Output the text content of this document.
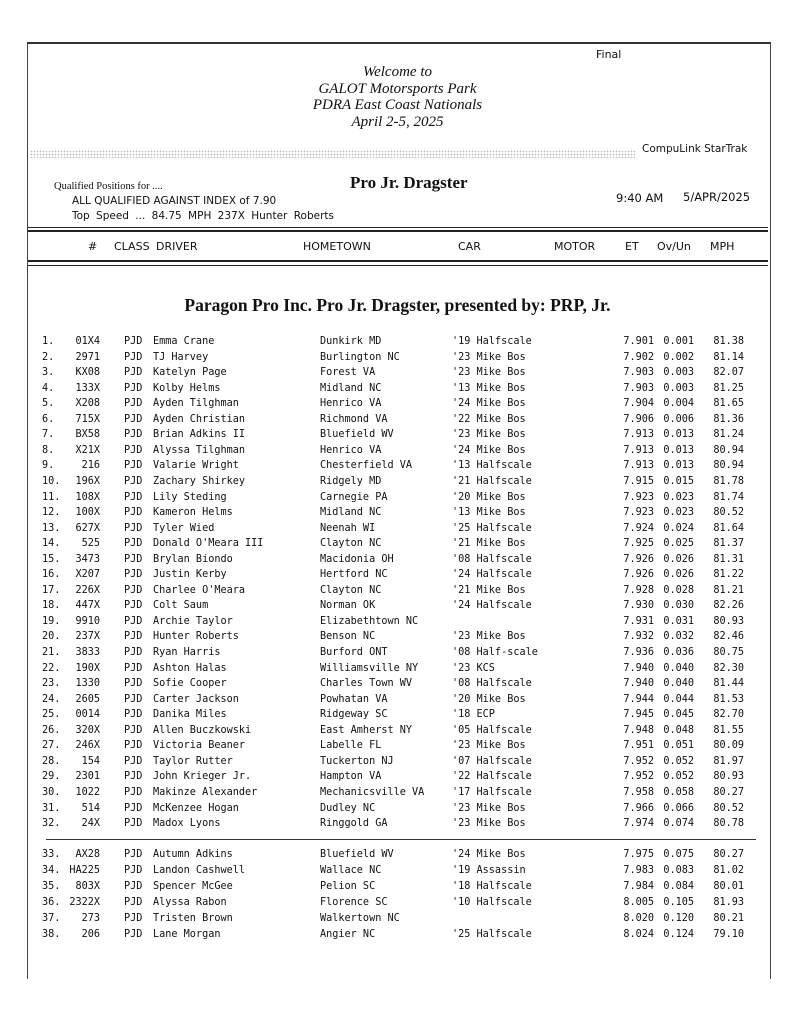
Final
Welcome to
GALOT Motorsports Park
PDRA East Coast Nationals
April 2-5, 2025
CompuLink StarTrak
Qualified Positions for ....	Pro Jr. Dragster
9:40 AM 5/APR/2025
ALL QUALIFIED AGAINST INDEX of 7.90
Top Speed ... 84.75 MPH 237X Hunter Roberts
# CLASS DRIVER	HOMETOWN	CAR	MOTOR	ET Ov/Un MPH
Paragon Pro Inc. Pro Jr. Dragster, presented by: PRP, Jr.
1.	01X4 PJD Emma Crane	Dunkirk MD	'19 Halfscale	7.901 0.001	81.38
2.	2971 PJD TJ Harvey	Burlington NC	'23 Mike Bos	7.902 0.002	81.14
3.	KX08 PJD Katelyn Page	Forest VA	'23 Mike Bos	7.903 0.003	82.07
4.	133X PJD Kolby Helms	Midland NC	'13 Mike Bos	7.903 0.003	81.25
5.	X208 PJD Ayden Tilghman	Henrico VA	'24 Mike Bos	7.904 0.004	81.65
6.	715X PJD Ayden Christian	Richmond VA	'22 Mike Bos	7.906 0.006	81.36
7.	BX58 PJD Brian Adkins II	Bluefield WV	'23 Mike Bos	7.913 0.013	81.24
8.	X21X PJD Alyssa Tilghman	Henrico VA	'24 Mike Bos	7.913 0.013	80.94
9.	216 PJD Valarie Wright	Chesterfield VA	'13 Halfscale	7.913 0.013	80.94
10.	196X PJD Zachary Shirkey	Ridgely MD	'21 Halfscale	7.915 0.015	81.78
11.	108X PJD Lily Steding	Carnegie PA	'20 Mike Bos	7.923 0.023	81.74
12.	100X PJD Kameron Helms	Midland NC	'13 Mike Bos	7.923 0.023	80.52
13.	627X PJD Tyler Wied	Neenah WI	'25 Halfscale	7.924 0.024	81.64
14.	525 PJD Donald O'Meara III	Clayton NC	'21 Mike Bos	7.925 0.025	81.37
15.	3473 PJD Brylan Biondo	Macidonia OH	'08 Halfscale	7.926 0.026	81.31
16.	X207 PJD Justin Kerby	Hertford NC	'24 Halfscale	7.926 0.026	81.22
17.	226X PJD Charlee O'Meara	Clayton NC	'21 Mike Bos	7.928 0.028	81.21
18.	447X PJD Colt Saum	Norman OK	'24 Halfscale	7.930 0.030	82.26
19.	9910 PJD Archie Taylor	Elizabethtown NC	7.931 0.031	80.93
20.	237X PJD Hunter Roberts	Benson NC	'23 Mike Bos	7.932 0.032	82.46
21.	3833 PJD Ryan Harris	Burford ONT	'08 Half-scale	7.936 0.036	80.75
22.	190X PJD Ashton Halas	Williamsville NY	'23 KCS	7.940 0.040	82.30
23.	1330 PJD Sofie Cooper	Charles Town WV	'08 Halfscale	7.940 0.040	81.44
24.	2605 PJD Carter Jackson	Powhatan VA	'20 Mike Bos	7.944 0.044	81.53
25.	0014 PJD Danika Miles	Ridgeway SC	'18 ECP	7.945 0.045	82.70
26.	320X PJD Allen Buczkowski	East Amherst NY	'05 Halfscale	7.948 0.048	81.55
27.	246X PJD Victoria Beaner	Labelle FL	'23 Mike Bos	7.951 0.051	80.09
28.	154 PJD Taylor Rutter	Tuckerton NJ	'07 Halfscale	7.952 0.052	81.97
29.	2301 PJD John Krieger Jr.	Hampton VA	'22 Halfscale	7.952 0.052	80.93
30.	1022 PJD Makinze Alexander	Mechanicsville VA	'17 Halfscale	7.958 0.058	80.27
31.	514 PJD McKenzee Hogan	Dudley NC	'23 Mike Bos	7.966 0.066	80.52
32.	24X PJD Madox Lyons	Ringgold GA	'23 Mike Bos	7.974 0.074	80.78
33.	AX28 PJD Autumn Adkins	Bluefield WV	'24 Mike Bos	7.975 0.075	80.27
34. HA225 PJD Landon Cashwell	Wallace NC	'19 Assassin	7.983 0.083	81.02
35.	803X PJD Spencer McGee	Pelion SC	'18 Halfscale	7.984 0.084	80.01
36. 2322X PJD Alyssa Rabon	Florence SC	'10 Halfscale	8.005 0.105	81.93
37.	273 PJD Tristen Brown	Walkertown NC	8.020 0.120	80.21
38.	206 PJD Lane Morgan	Angier NC	'25 Halfscale	8.024 0.124	79.10
